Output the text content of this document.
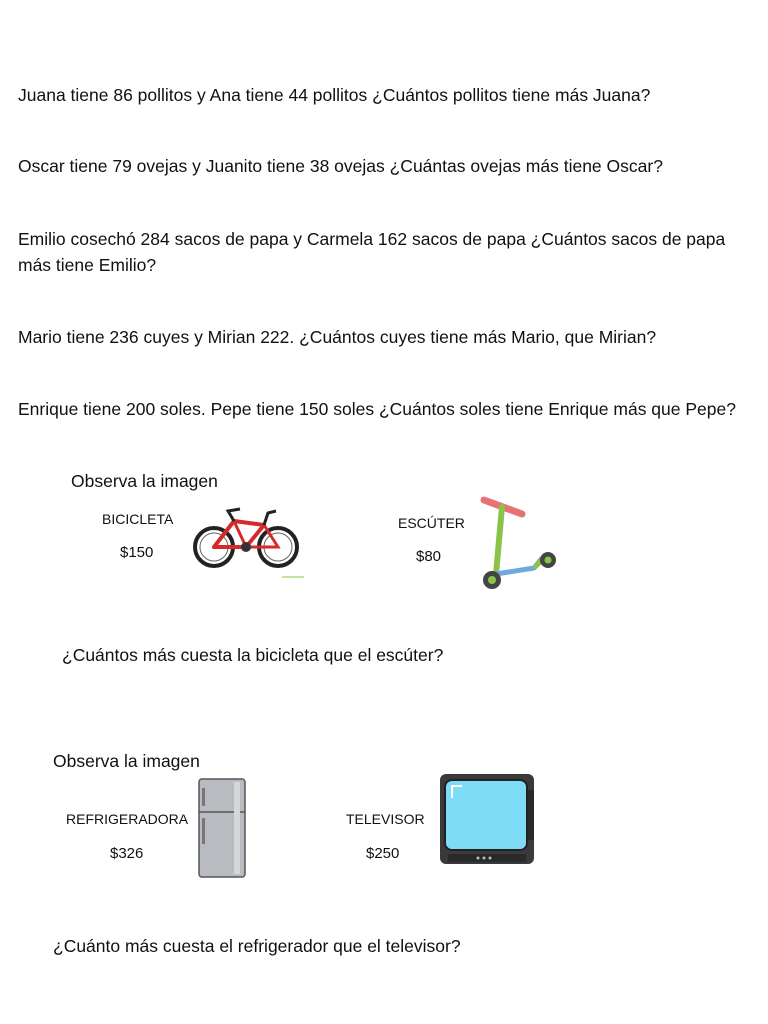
Juana tiene 86 pollitos y Ana tiene 44 pollitos ¿Cuántos pollitos tiene más Juana?

Oscar tiene 79 ovejas y Juanito tiene 38 ovejas ¿Cuántas ovejas más tiene Oscar?

Emilio cosechó 284 sacos de papa y Carmela 162 sacos de papa ¿Cuántos sacos de papa más tiene Emilio?

Mario tiene 236 cuyes y Mirian 222. ¿Cuántos cuyes tiene más Mario, que Mirian?

Enrique tiene 200 soles. Pepe tiene 150 soles ¿Cuántos soles tiene Enrique más que Pepe?

Observa la imagen
BICICLETA
$150
ESCÚTER
$80
¿Cuántos más cuesta la bicicleta que el escúter?
Observa la imagen
REFRIGERADORA
$326
TELEVISOR
$250
¿Cuánto más cuesta el refrigerador que el televisor?
